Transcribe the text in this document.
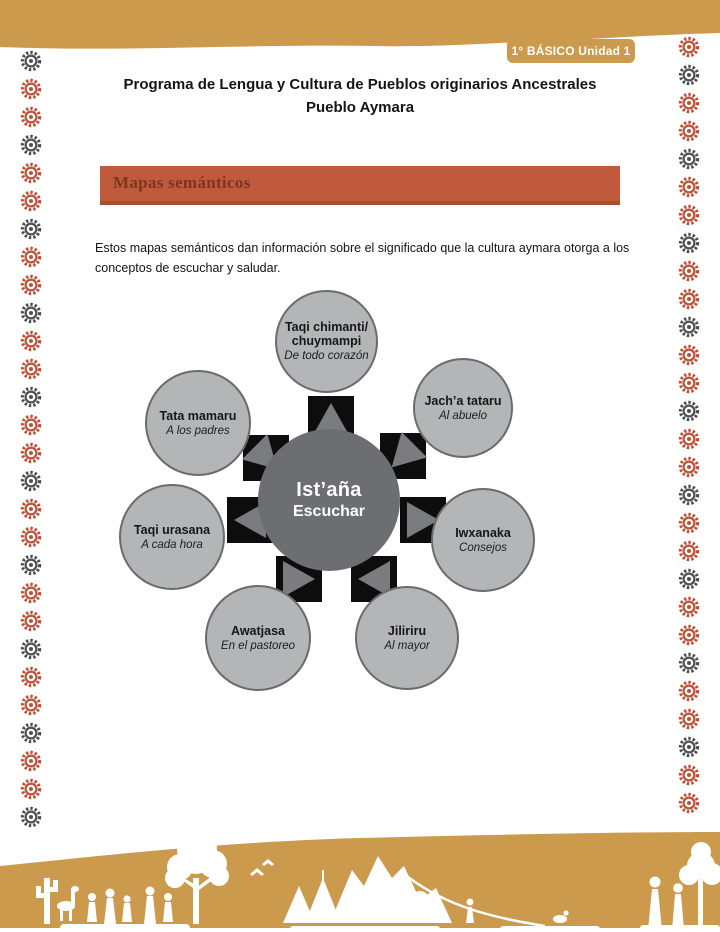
1° BÁSICO Unidad 1
Programa de Lengua y Cultura de Pueblos originarios Ancestrales
Pueblo Aymara
Mapas semánticos

Estos mapas semánticos dan información sobre el significado que la cultura aymara otorga a los conceptos de escuchar y saludar.

Taqi chimanti/ chuymampi
De todo corazón
Jach’a tataru
Al abuelo
Iwxanaka
Consejos
Jiliriru
Al mayor
Awatjasa
En el pastoreo
Taqi urasana
A cada hora
Tata mamaru
A los padres
Ist’aña
Escuchar
